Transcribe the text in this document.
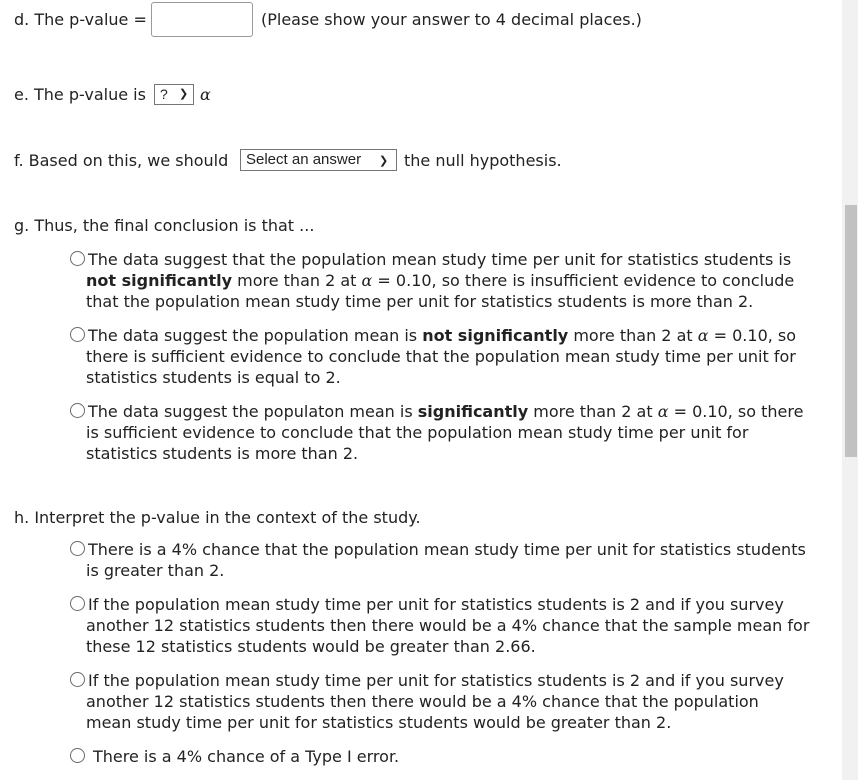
d. The p-value =	(Please show your answer to 4 decimal places.)
e. The p-value is	? ❯ α
f. Based on this, we should	Select an answer ❯ the null hypothesis.
g. Thus, the final conclusion is that ...
The data suggest that the population mean study time per unit for statistics students is
not significantly more than 2 at α = 0.10, so there is insufficient evidence to conclude
that the population mean study time per unit for statistics students is more than 2.
The data suggest the population mean is not significantly more than 2 at α = 0.10, so
there is sufficient evidence to conclude that the population mean study time per unit for
statistics students is equal to 2.
The data suggest the populaton mean is significantly more than 2 at α = 0.10, so there
is sufficient evidence to conclude that the population mean study time per unit for
statistics students is more than 2.
h. Interpret the p-value in the context of the study.
There is a 4% chance that the population mean study time per unit for statistics students
is greater than 2.
If the population mean study time per unit for statistics students is 2 and if you survey
another 12 statistics students then there would be a 4% chance that the sample mean for
these 12 statistics students would be greater than 2.66.
If the population mean study time per unit for statistics students is 2 and if you survey
another 12 statistics students then there would be a 4% chance that the population
mean study time per unit for statistics students would be greater than 2.
There is a 4% chance of a Type I error.
